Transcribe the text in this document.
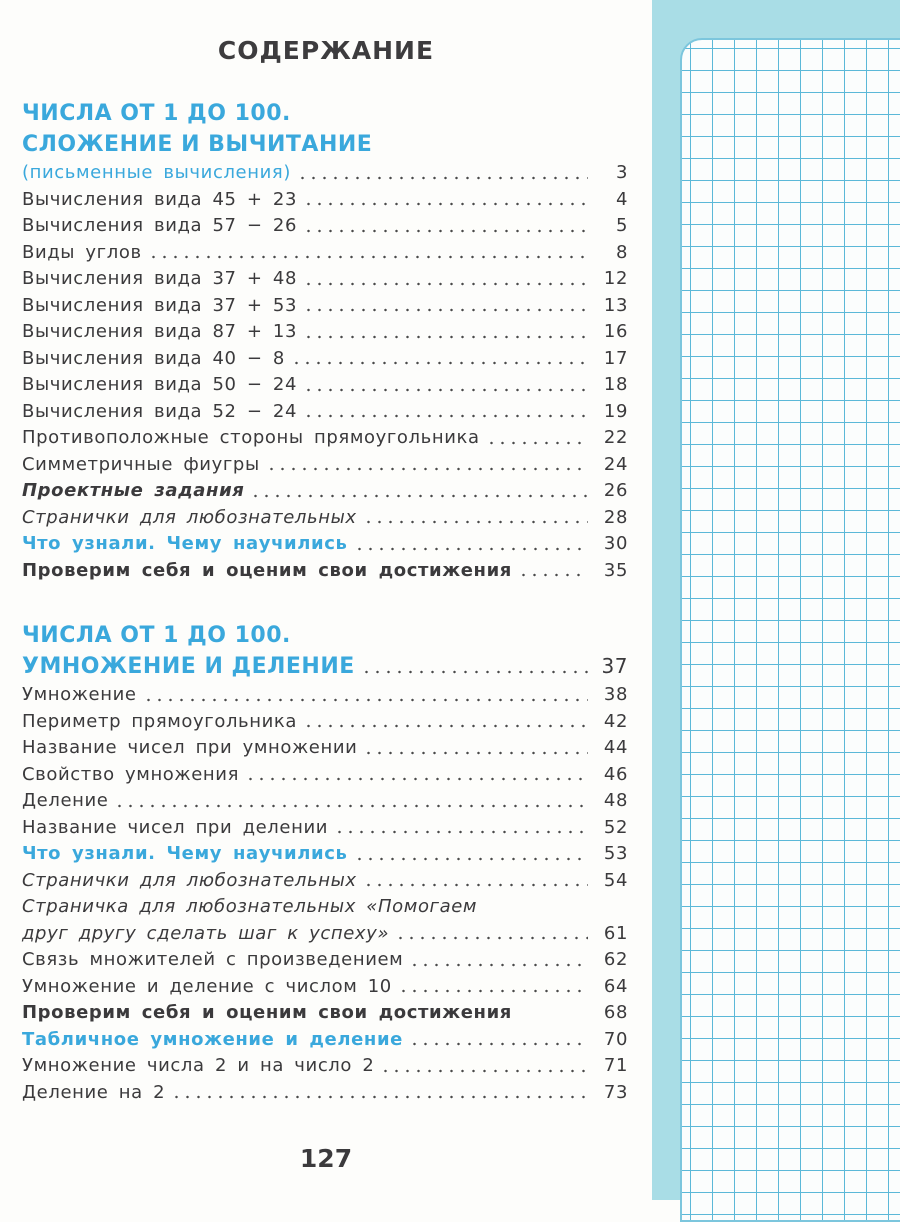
СОДЕРЖАНИЕ
ЧИСЛА ОТ 1 ДО 100.
СЛОЖЕНИЕ И ВЫЧИТАНИЕ
(письменные вычисления)	3
Вычисления вида 45 + 23	4
Вычисления вида 57 − 26	5
Виды углов	8
Вычисления вида 37 + 48	12
Вычисления вида 37 + 53	13
Вычисления вида 87 + 13	16
Вычисления вида 40 − 8	17
Вычисления вида 50 − 24	18
Вычисления вида 52 − 24	19
Противоположные стороны прямоугольника	22
Симметричные фиугры	24
Проектные задания	26
Странички для любознательных	28
Что узнали. Чему научились	30
Проверим себя и оценим свои достижения	35
ЧИСЛА ОТ 1 ДО 100.
УМНОЖЕНИЕ И ДЕЛЕНИЕ	37
Умножение	38
Периметр прямоугольника	42
Название чисел при умножении	44
Свойство умножения	46
Деление	48
Название чисел при делении	52
Что узнали. Чему научились	53
Странички для любознательных	54
Страничка для любознательных «Помогаем
друг другу сделать шаг к успеху»	61
Связь множителей с произведением	62
Умножение и деление с числом 10	64
Проверим себя и оценим свои достижения	68
Табличное умножение и деление	70
Умножение числа 2 и на число 2	71
Деление на 2	73
127
